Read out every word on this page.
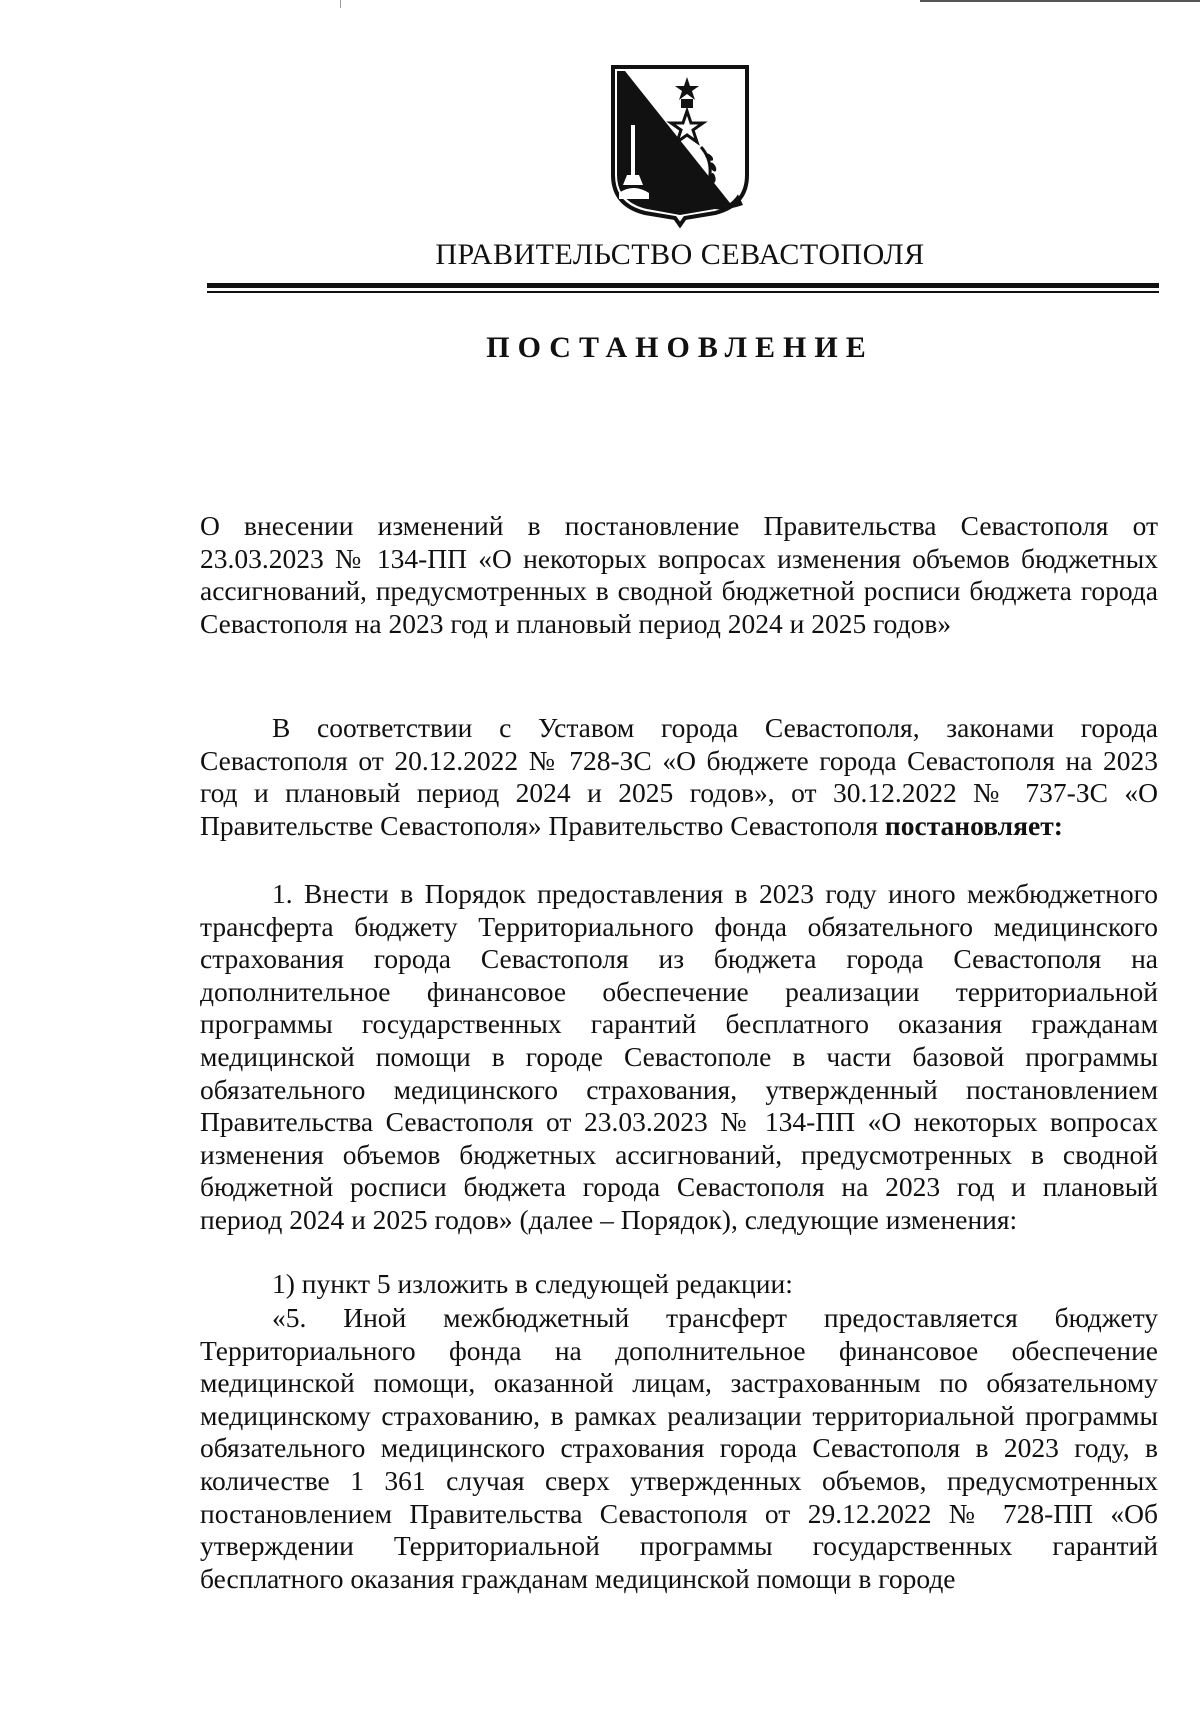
ПРАВИТЕЛЬСТВО СЕВАСТОПОЛЯ
ПОСТАНОВЛЕНИЕ

О внесении изменений в постановление Правительства Севастополя от 23.03.2023 № 134-ПП «О некоторых вопросах изменения объемов бюджетных ассигнований, предусмотренных в сводной бюджетной росписи бюджета города Севастополя на 2023 год и плановый период 2024 и 2025 годов»

В соответствии с Уставом города Севастополя, законами города Севастополя от 20.12.2022 № 728-ЗС «О бюджете города Севастополя на 2023 год и плановый период 2024 и 2025 годов», от 30.12.2022 № 737-ЗС «О Правительстве Севастополя» Правительство Севастополя постановляет:

1. Внести в Порядок предоставления в 2023 году иного межбюджетного трансферта бюджету Территориального фонда обязательного медицинского страхования города Севастополя из бюджета города Севастополя на дополнительное финансовое обеспечение реализации территориальной программы государственных гарантий бесплатного оказания гражданам медицинской помощи в городе Севастополе в части базовой программы обязательного медицинского страхования, утвержденный постановлением Правительства Севастополя от 23.03.2023 № 134-ПП «О некоторых вопросах изменения объемов бюджетных ассигнований, предусмотренных в сводной бюджетной росписи бюджета города Севастополя на 2023 год и плановый период 2024 и 2025 годов» (далее – Порядок), следующие изменения:

1) пункт 5 изложить в следующей редакции:

«5. Иной межбюджетный трансферт предоставляется бюджету Территориального фонда на дополнительное финансовое обеспечение медицинской помощи, оказанной лицам, застрахованным по обязательному медицинскому страхованию, в рамках реализации территориальной программы обязательного медицинского страхования города Севастополя в 2023 году, в количестве 1 361 случая сверх утвержденных объемов, предусмотренных постановлением Правительства Севастополя от 29.12.2022 № 728-ПП «Об утверждении Территориальной программы государственных гарантий бесплатного оказания гражданам медицинской помощи в городе
